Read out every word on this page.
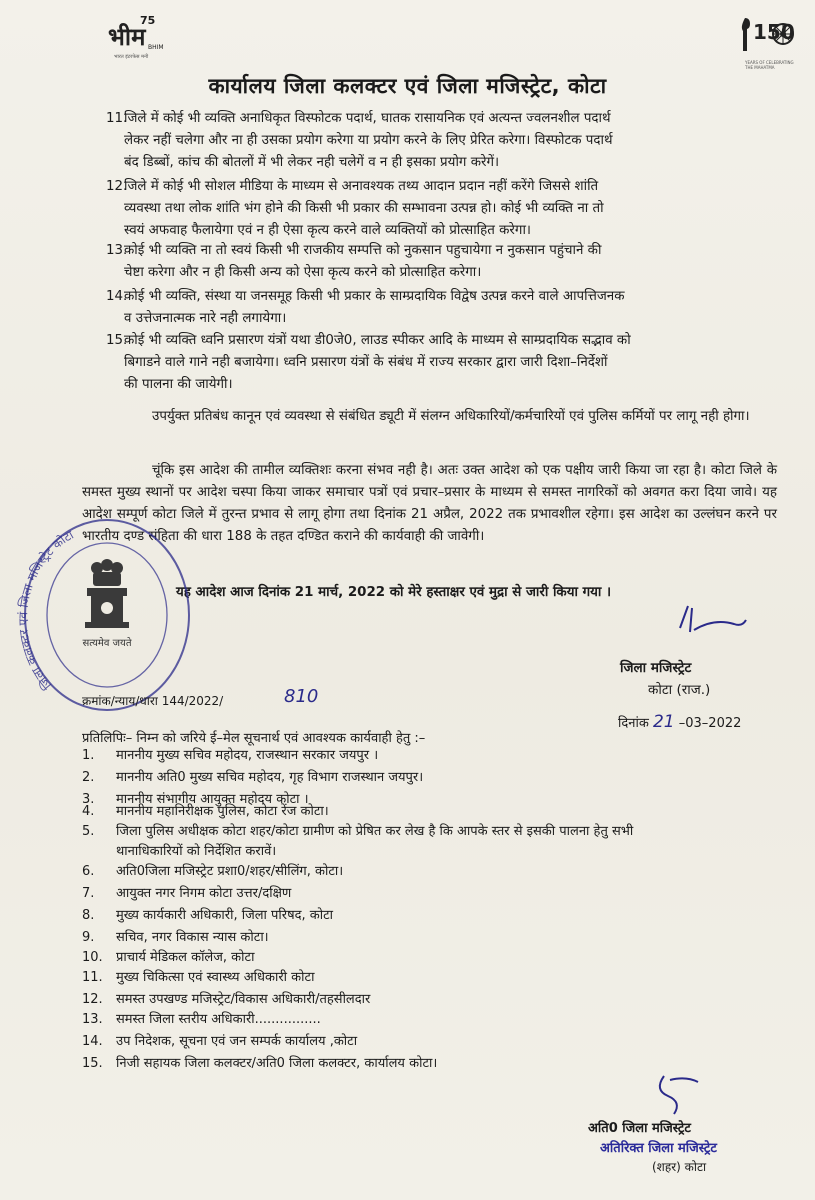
भीम
75
BHIM
भारत इंटरफेस मनी
150
YEARS OF CELEBRATING THE MAHATMA
कार्यालय जिला कलक्टर एवं जिला मजिस्ट्रेट, कोटा
11.
जिले में कोई भी व्यक्ति अनाधिकृत विस्फोटक पदार्थ, घातक रासायनिक एवं अत्यन्त ज्वलनशील पदार्थ
लेकर नहीं चलेगा और ना ही उसका प्रयोग करेगा या प्रयोग करने के लिए प्रेरित करेगा। विस्फोटक पदार्थ
बंद डिब्बों, कांच की बोतलों में भी लेकर नही चलेगें व न ही इसका प्रयोग करेगें।
12.
जिले में कोई भी सोशल मीडिया के माध्यम से अनावश्यक तथ्य आदान प्रदान नहीं करेंगे जिससे शांति
व्यवस्था तथा लोक शांति भंग होने की किसी भी प्रकार की सम्भावना उत्पन्न हो। कोई भी व्यक्ति ना तो
स्वयं अफवाह फैलायेगा एवं न ही ऐसा कृत्य करने वाले व्यक्तियों को प्रोत्साहित करेगा।
13.
कोई भी व्यक्ति ना तो स्वयं किसी भी राजकीय सम्पत्ति को नुकसान पहुचायेगा न नुकसान पहुंचाने की
चेष्टा करेगा और न ही किसी अन्य को ऐसा कृत्य करने को प्रोत्साहित करेगा।
14.
कोई भी व्यक्ति, संस्था या जनसमूह किसी भी प्रकार के साम्प्रदायिक विद्वेष उत्पन्न करने वाले आपत्तिजनक
व उत्तेजनात्मक नारे नही लगायेगा।
15.
कोई भी व्यक्ति ध्वनि प्रसारण यंत्रों यथा डी0जे0, लाउड स्पीकर आदि के माध्यम से साम्प्रदायिक सद्भाव को
बिगाडने वाले गाने नही बजायेगा। ध्वनि प्रसारण यंत्रों के संबंध में राज्य सरकार द्वारा जारी दिशा–निर्देशों
की पालना की जायेगी।
उपर्युक्त प्रतिबंध कानून एवं व्यवस्था से संबंधित ड्यूटी में संलग्न अधिकारियों/कर्मचारियों एवं पुलिस कर्मियों पर लागू नही होगा।
चूंकि इस आदेश की तामील व्यक्तिशः करना संभव नही है। अतः उक्त आदेश को एक पक्षीय जारी किया जा रहा है। कोटा जिले के समस्त मुख्य स्थानों पर आदेश चस्पा किया जाकर समाचार पत्रों एवं प्रचार–प्रसार के माध्यम से समस्त नागरिकों को अवगत करा दिया जावे। यह आदेश सम्पूर्ण कोटा जिले में तुरन्त प्रभाव से लागू होगा तथा दिनांक 21 अप्रैल, 2022 तक प्रभावशील रहेगा। इस आदेश का उल्लंघन करने पर भारतीय दण्ड संहिता की धारा 188 के तहत दण्डित कराने की कार्यवाही की जावेगी।
यह आदेश आज दिनांक 21 मार्च, 2022 को मेरे हस्ताक्षर एवं मुद्रा से जारी किया गया ।
जिला कलक्टर एवं जिला मजिस्ट्रेट कोटा
सत्यमेव जयते
जिला मजिस्ट्रेट
कोटा (राज.)
क्रमांक/न्याय/धारा 144/2022/	810
दिनांक 21 –03–2022
प्रतिलिपिः– निम्न को जरिये ई–मेल सूचनार्थ एवं आवश्यक कार्यवाही हेतु :–
1. माननीय मुख्य सचिव महोदय, राजस्थान सरकार जयपुर ।
2. माननीय अति0 मुख्य सचिव महोदय, गृह विभाग राजस्थान जयपुर।
3. माननीय संभागीय आयुक्त महोदय कोटा ।
4. माननीय महानिरीक्षक पुलिस, कोटा रेंज कोटा।
5. जिला पुलिस अधीक्षक कोटा शहर/कोटा ग्रामीण को प्रेषित कर लेख है कि आपके स्तर से इसकी पालना हेतु सभी
थानाधिकारियों को निर्देशित करावें।
6. अति0जिला मजिस्ट्रेट प्रशा0/शहर/सीलिंग, कोटा।
7. आयुक्त नगर निगम कोटा उत्तर/दक्षिण
8. मुख्य कार्यकारी अधिकारी, जिला परिषद, कोटा
9. सचिव, नगर विकास न्यास कोटा।
10. प्राचार्य मेडिकल कॉलेज, कोटा
11. मुख्य चिकित्सा एवं स्वास्थ्य अधिकारी कोटा
12. समस्त उपखण्ड मजिस्ट्रेट/विकास अधिकारी/तहसीलदार
13. समस्त जिला स्तरीय अधिकारी................
14. उप निदेशक, सूचना एवं जन सम्पर्क कार्यालय ,कोटा
15. निजी सहायक जिला कलक्टर/अति0 जिला कलक्टर, कार्यालय कोटा।
अति0 जिला मजिस्ट्रेट
अतिरिक्त जिला मजिस्ट्रेट
(शहर) कोटा
